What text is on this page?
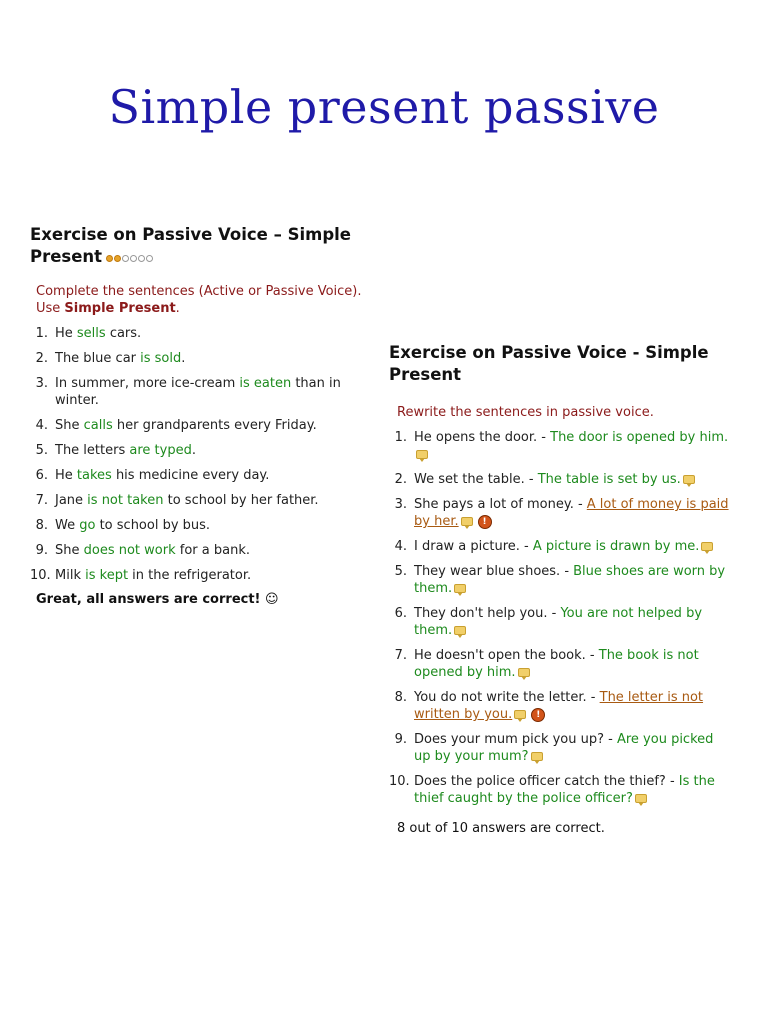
Simple present passive
Exercise on Passive Voice – Simple Present

Complete the sentences (Active or Passive Voice). Use Simple Present.

1. He sells cars.
2. The blue car is sold.
3. In summer, more ice-cream is eaten than in winter.
4. She calls her grandparents every Friday.
5. The letters are typed.
6. He takes his medicine every day.
7. Jane is not taken to school by her father.
8. We go to school by bus.
9. She does not work for a bank.
10. Milk is kept in the refrigerator.
Great, all answers are correct! ☺
Exercise on Passive Voice - Simple Present

Rewrite the sentences in passive voice.

1. He opens the door. - The door is opened by him.
2. We set the table. - The table is set by us.
3. She pays a lot of money. - A lot of money is paid by her.	!
4. I draw a picture. - A picture is drawn by me.
5. They wear blue shoes. - Blue shoes are worn by them.
6. They don't help you. - You are not helped by them.
7. He doesn't open the book. - The book is not opened by him.
8. You do not write the letter. - The letter is not written by you.	!
9. Does your mum pick you up? - Are you picked up by your mum?
10. Does the police officer catch the thief? - Is the thief caught by the police officer?
8 out of 10 answers are correct.
